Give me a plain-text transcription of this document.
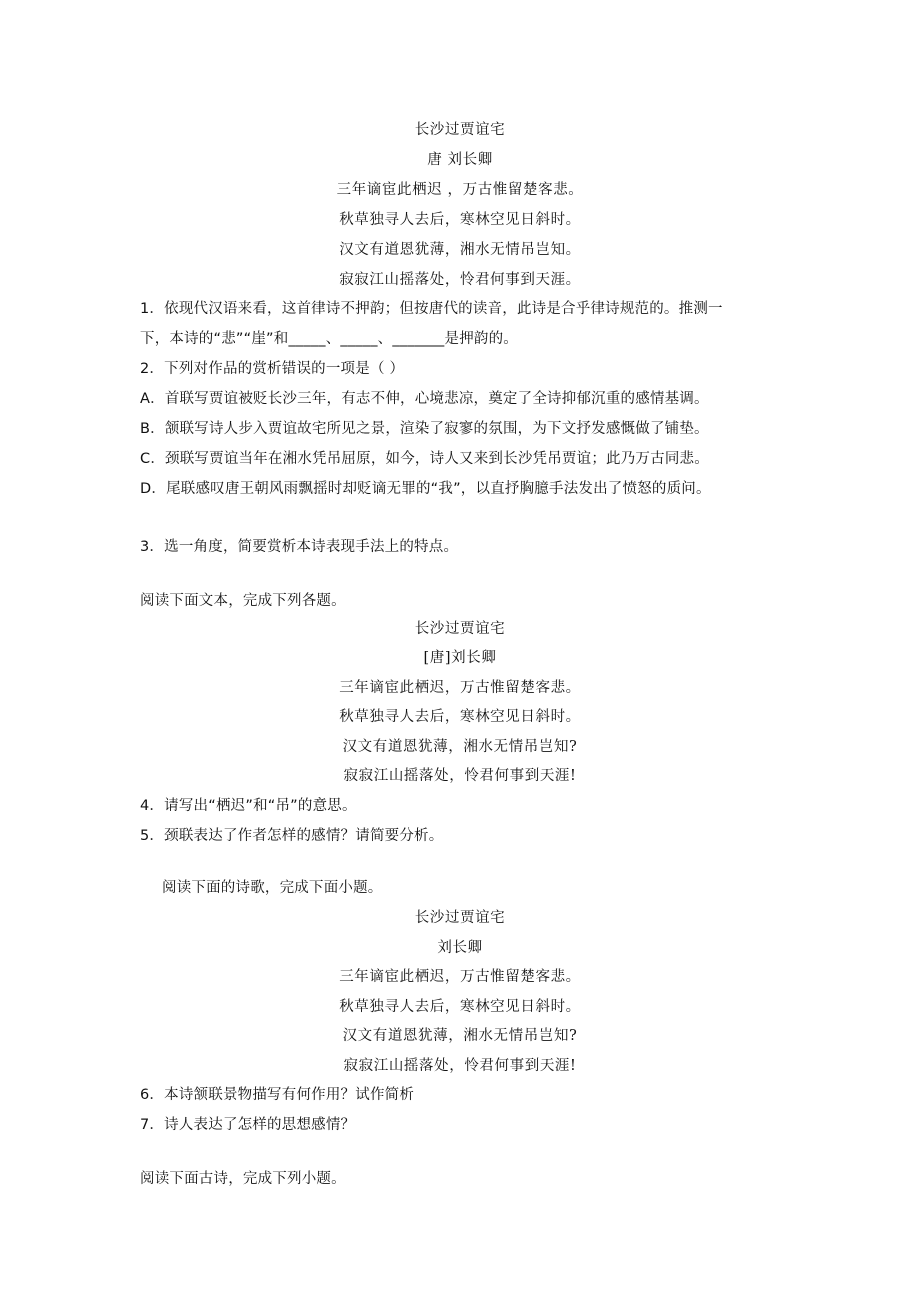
长沙过贾谊宅
唐 刘长卿
三年谪宦此栖迟 ，万古惟留楚客悲。
秋草独寻人去后，寒林空见日斜时。
汉文有道恩犹薄，湘水无情吊岂知。
寂寂江山摇落处，怜君何事到天涯。
1．依现代汉语来看，这首律诗不押韵；但按唐代的读音，此诗是合乎律诗规范的。推测一
下，本诗的“悲”“崖”和_____、_____、_______是押韵的。
2．下列对作品的赏析错误的一项是（ ）
A．首联写贾谊被贬长沙三年，有志不伸，心境悲凉，奠定了全诗抑郁沉重的感情基调。
B．颔联写诗人步入贾谊故宅所见之景，渲染了寂寥的氛围，为下文抒发感慨做了铺垫。
C．颈联写贾谊当年在湘水凭吊屈原，如今，诗人又来到长沙凭吊贾谊；此乃万古同悲。
D．尾联感叹唐王朝风雨飘摇时却贬谪无罪的“我”，以直抒胸臆手法发出了愤怒的质问。
3．选一角度，简要赏析本诗表现手法上的特点。
阅读下面文本，完成下列各题。
长沙过贾谊宅
[唐]刘长卿
三年谪宦此栖迟，万古惟留楚客悲。
秋草独寻人去后，寒林空见日斜时。
汉文有道恩犹薄，湘水无情吊岂知?
寂寂江山摇落处，怜君何事到天涯!
4．请写出“栖迟”和“吊”的意思。
5．颈联表达了作者怎样的感情？请简要分析。
阅读下面的诗歌，完成下面小题。
长沙过贾谊宅
刘长卿
三年谪宦此栖迟，万古惟留楚客悲。
秋草独寻人去后，寒林空见日斜时。
汉文有道恩犹薄，湘水无情吊岂知?
寂寂江山摇落处，怜君何事到天涯!
6．本诗颔联景物描写有何作用？试作简析
7．诗人表达了怎样的思想感情？
阅读下面古诗，完成下列小题。
